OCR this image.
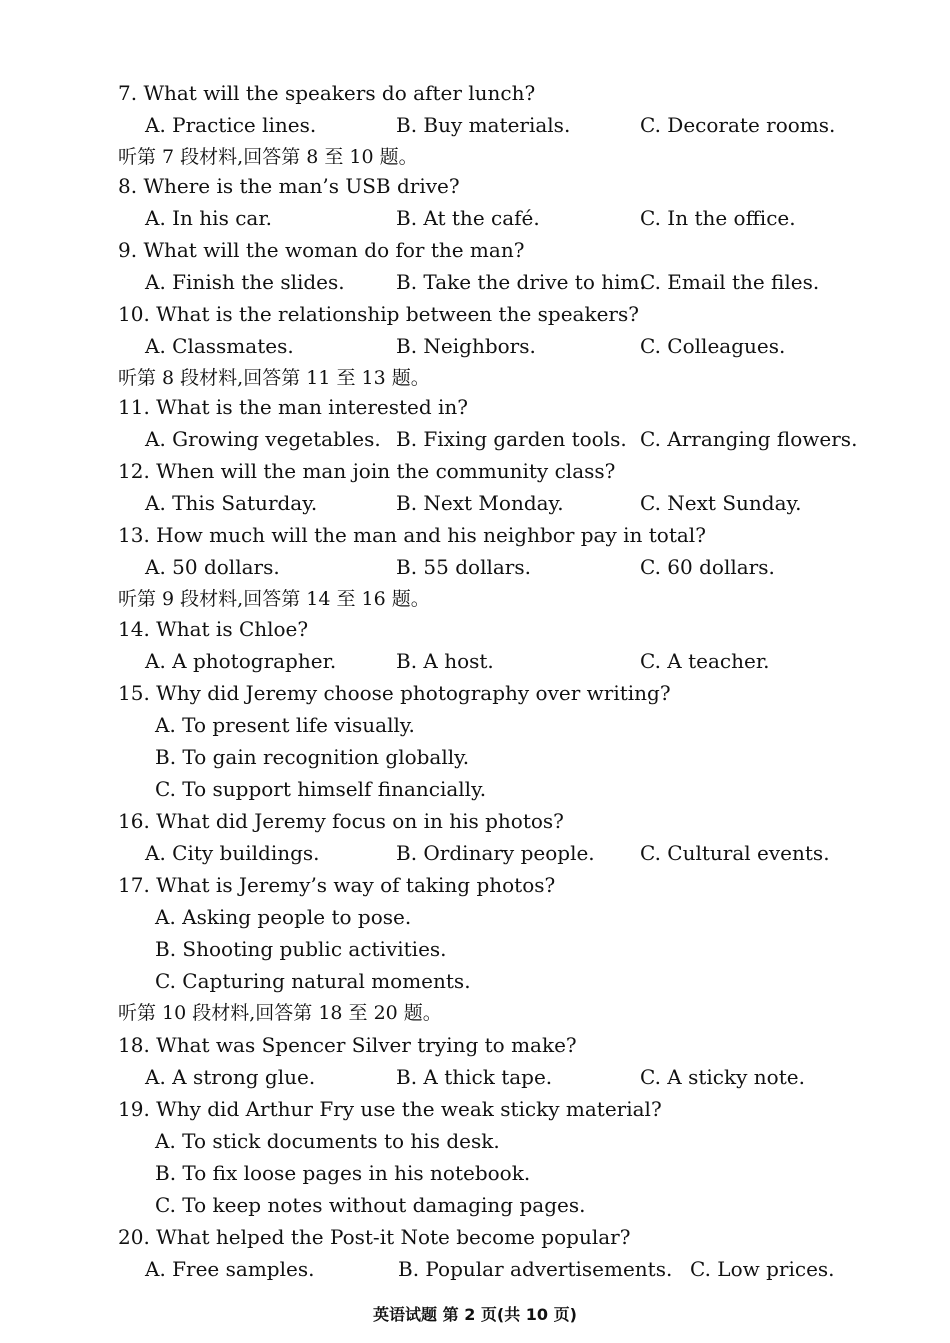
7. What will the speakers do after lunch?
A. Practice lines.	B. Buy materials.	C. Decorate rooms.
听第 7 段材料,回答第 8 至 10 题。
8. Where is the man’s USB drive?
A. In his car.	B. At the café.	C. In the office.
9. What will the woman do for the man?
A. Finish the slides.	B. Take the drive to him.
C. Email the files.
10. What is the relationship between the speakers?
A. Classmates.	B. Neighbors.	C. Colleagues.
听第 8 段材料,回答第 11 至 13 题。
11. What is the man interested in?
A. Growing vegetables. B. Fixing garden tools. C. Arranging flowers.
12. When will the man join the community class?
A. This Saturday.	B. Next Monday.	C. Next Sunday.
13. How much will the man and his neighbor pay in total?
A. 50 dollars.	B. 55 dollars.	C. 60 dollars.
听第 9 段材料,回答第 14 至 16 题。
14. What is Chloe?
A. A photographer.	B. A host.	C. A teacher.
15. Why did Jeremy choose photography over writing?
A. To present life visually.
B. To gain recognition globally.
C. To support himself financially.
16. What did Jeremy focus on in his photos?
A. City buildings.	B. Ordinary people. C. Cultural events.
17. What is Jeremy’s way of taking photos?
A. Asking people to pose.
B. Shooting public activities.
C. Capturing natural moments.
听第 10 段材料,回答第 18 至 20 题。
18. What was Spencer Silver trying to make?
A. A strong glue.	B. A thick tape.	C. A sticky note.
19. Why did Arthur Fry use the weak sticky material?
A. To stick documents to his desk.
B. To fix loose pages in his notebook.
C. To keep notes without damaging pages.
20. What helped the Post-it Note become popular?
A. Free samples.	B. Popular advertisements. C. Low prices.
英语试题 第 2 页(共 10 页)
